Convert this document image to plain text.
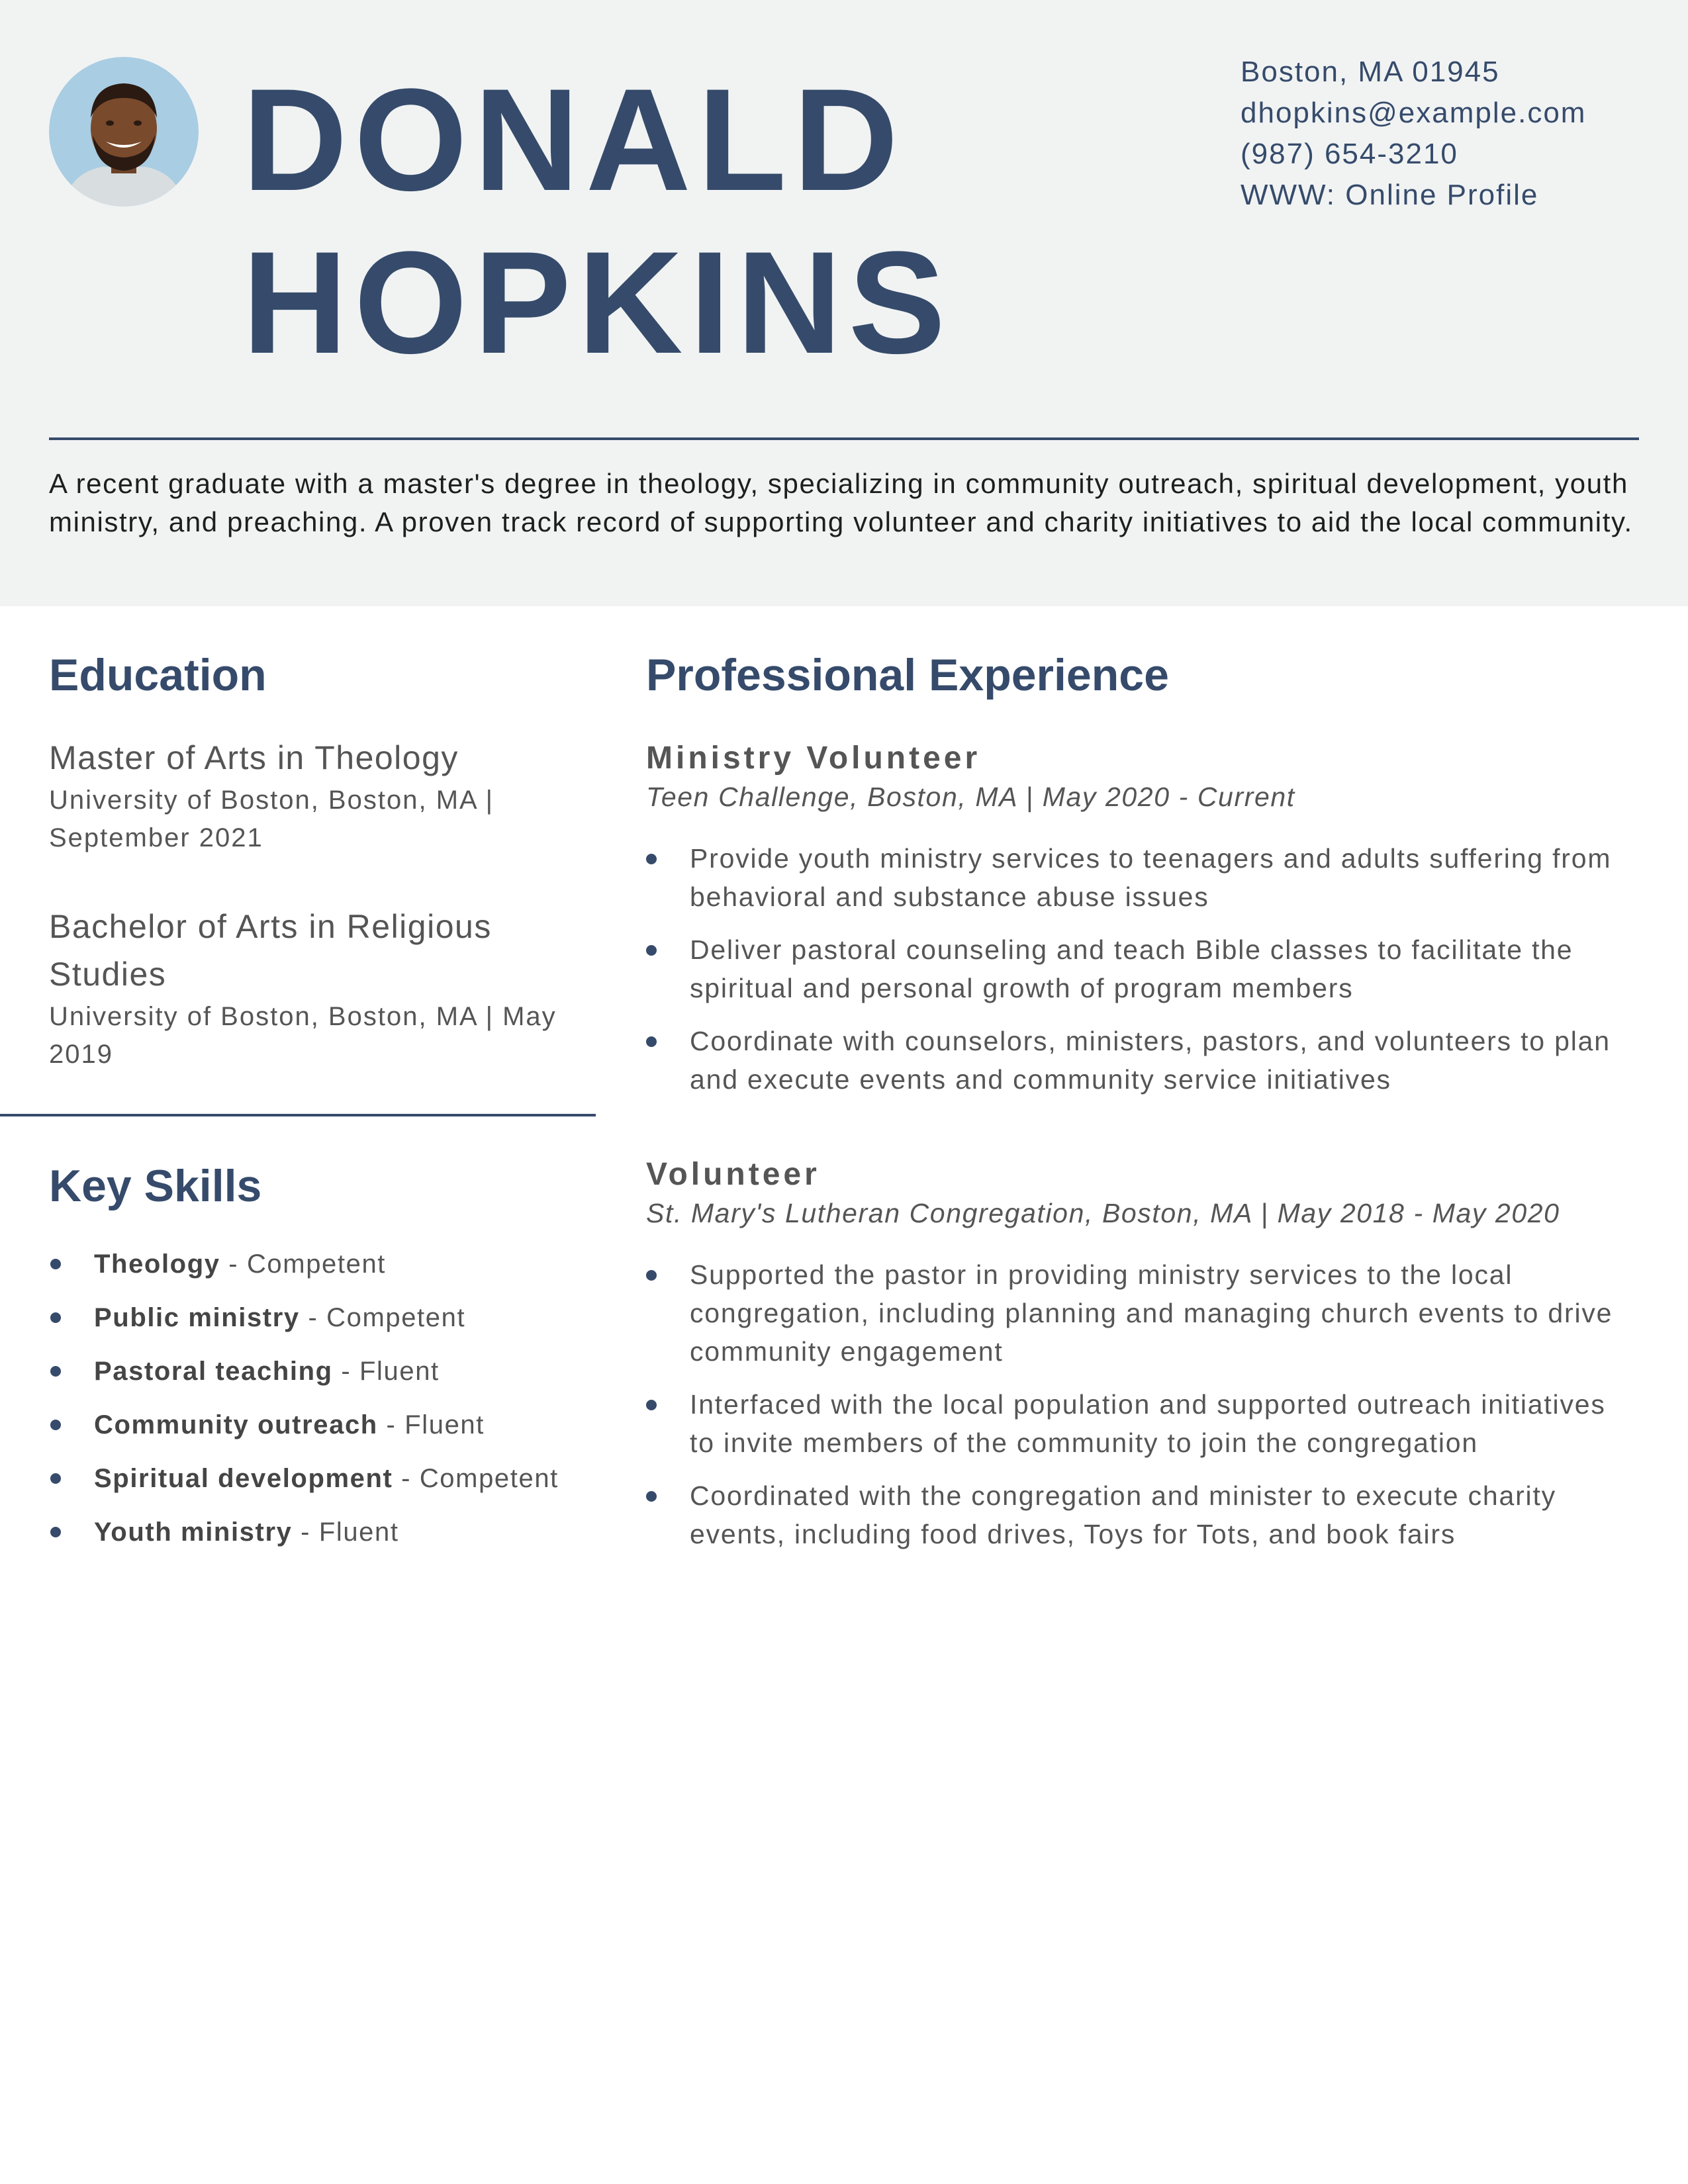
DONALD
HOPKINS
Boston, MA 01945
dhopkins@example.com
(987) 654-3210
WWW: Online Profile

A recent graduate with a master's degree in theology, specializing in community outreach, spiritual development, youth ministry, and preaching. A proven track record of supporting volunteer and charity initiatives to aid the local community.

Education
Master of Arts in Theology
University of Boston, Boston, MA | September 2021
Bachelor of Arts in Religious Studies
University of Boston, Boston, MA | May 2019
Key Skills
Theology - Competent
Public ministry - Competent
Pastoral teaching - Fluent
Community outreach - Fluent
Spiritual development - Competent
Youth ministry - Fluent
Professional Experience
Ministry Volunteer
Teen Challenge, Boston, MA | May 2020 - Current
Provide youth ministry services to teenagers and adults suffering from behavioral and substance abuse issues
Deliver pastoral counseling and teach Bible classes to facilitate the spiritual and personal growth of program members
Coordinate with counselors, ministers, pastors, and volunteers to plan and execute events and community service initiatives
Volunteer
St. Mary's Lutheran Congregation, Boston, MA | May 2018 - May 2020
Supported the pastor in providing ministry services to the local congregation, including planning and managing church events to drive community engagement
Interfaced with the local population and supported outreach initiatives to invite members of the community to join the congregation
Coordinated with the congregation and minister to execute charity events, including food drives, Toys for Tots, and book fairs
